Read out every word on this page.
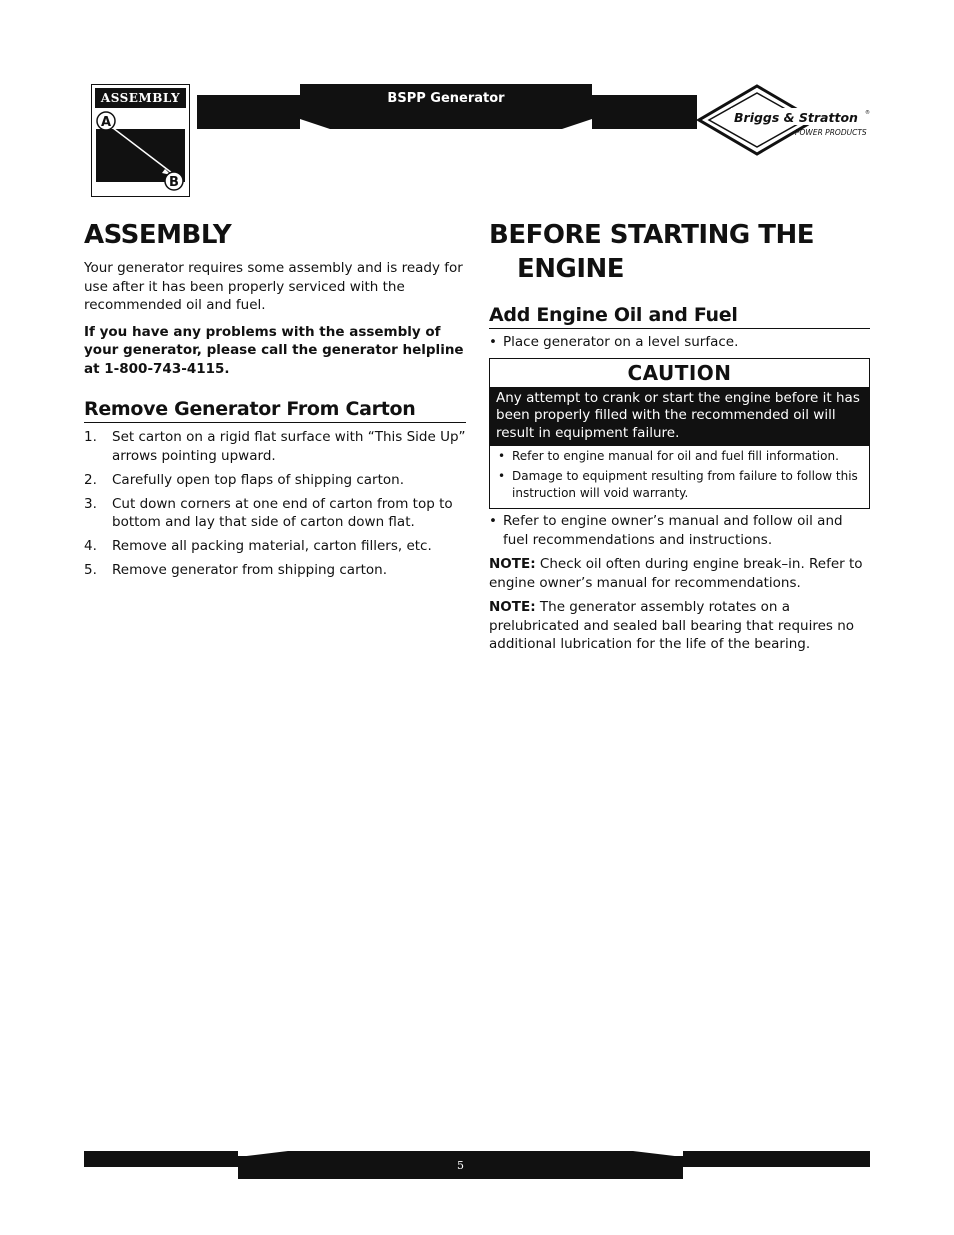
ASSEMBLY
A
B
BSPP Generator
Briggs & Stratton ®
POWER PRODUCTS
ASSEMBLY

Your generator requires some assembly and is ready for use after it has been properly serviced with the recommended oil and fuel.

If you have any problems with the assembly of your generator, please call the generator helpline at 1-800-743-4115.

Remove Generator From Carton
1.	Set carton on a rigid flat surface with “This Side Up” arrows pointing upward.
2.	Carefully open top flaps of shipping carton.
3.	Cut down corners at one end of carton from top to bottom and lay that side of carton down flat.
4.	Remove all packing material, carton fillers, etc.
5.	Remove generator from shipping carton.
BEFORE STARTING THE
ENGINE
Add Engine Oil and Fuel
• Place generator on a level surface.
CAUTION
Any attempt to crank or start the engine before it has been properly filled with the recommended oil will result in equipment failure.
• Refer to engine manual for oil and fuel fill information.
• Damage to equipment resulting from failure to follow this instruction will void warranty.
• Refer to engine owner’s manual and follow oil and fuel recommendations and instructions.

NOTE: Check oil often during engine break–in. Refer to engine owner’s manual for recommendations.

NOTE: The generator assembly rotates on a prelubricated and sealed ball bearing that requires no additional lubrication for the life of the bearing.

5
